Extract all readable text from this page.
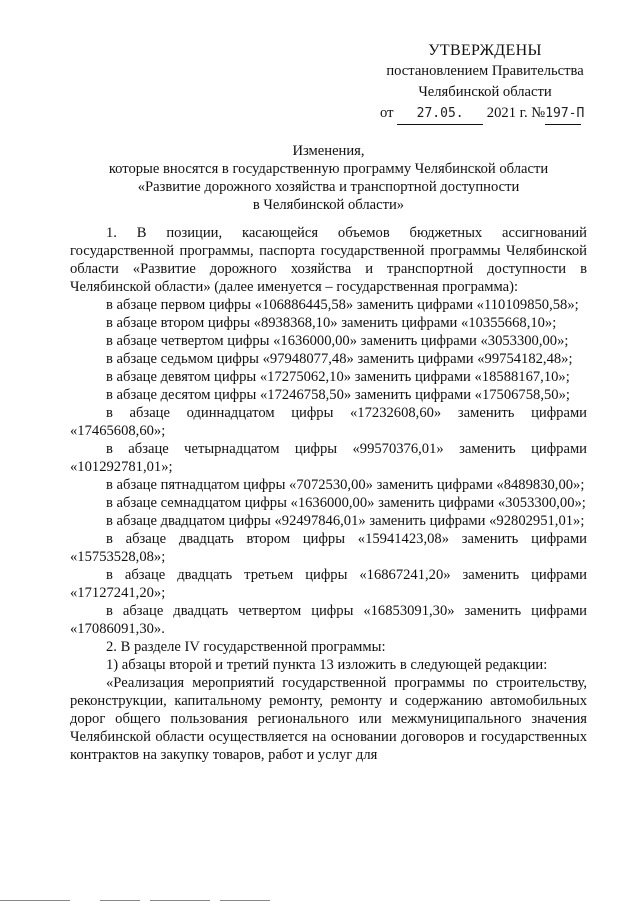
УТВЕРЖДЕНЫ
постановлением Правительства
Челябинской области
от 27.05. 2021 г. №197-П
Изменения,
которые вносятся в государственную программу Челябинской области
«Развитие дорожного хозяйства и транспортной доступности
в Челябинской области»

1. В позиции, касающейся объемов бюджетных ассигнований государственной программы, паспорта государственной программы Челябинской области «Развитие дорожного хозяйства и транспортной доступности в Челябинской области» (далее именуется – государственная программа):

в абзаце первом цифры «106886445,58» заменить цифрами «110109850,58»;

в абзаце втором цифры «8938368,10» заменить цифрами «10355668,10»;

в абзаце четвертом цифры «1636000,00» заменить цифрами «3053300,00»;

в абзаце седьмом цифры «97948077,48» заменить цифрами «99754182,48»;

в абзаце девятом цифры «17275062,10» заменить цифрами «18588167,10»;

в абзаце десятом цифры «17246758,50» заменить цифрами «17506758,50»;

в абзаце одиннадцатом цифры «17232608,60» заменить цифрами «17465608,60»;

в абзаце четырнадцатом цифры «99570376,01» заменить цифрами «101292781,01»;

в абзаце пятнадцатом цифры «7072530,00» заменить цифрами «8489830,00»;

в абзаце семнадцатом цифры «1636000,00» заменить цифрами «3053300,00»;

в абзаце двадцатом цифры «92497846,01» заменить цифрами «92802951,01»;

в абзаце двадцать втором цифры «15941423,08» заменить цифрами «15753528,08»;

в абзаце двадцать третьем цифры «16867241,20» заменить цифрами «17127241,20»;

в абзаце двадцать четвертом цифры «16853091,30» заменить цифрами «17086091,30».

2. В разделе IV государственной программы:

1) абзацы второй и третий пункта 13 изложить в следующей редакции:

«Реализация мероприятий государственной программы по строительству, реконструкции, капитальному ремонту, ремонту и содержанию автомобильных дорог общего пользования регионального или межмуниципального значения Челябинской области осуществляется на основании договоров и государственных контрактов на закупку товаров, работ и услуг для
